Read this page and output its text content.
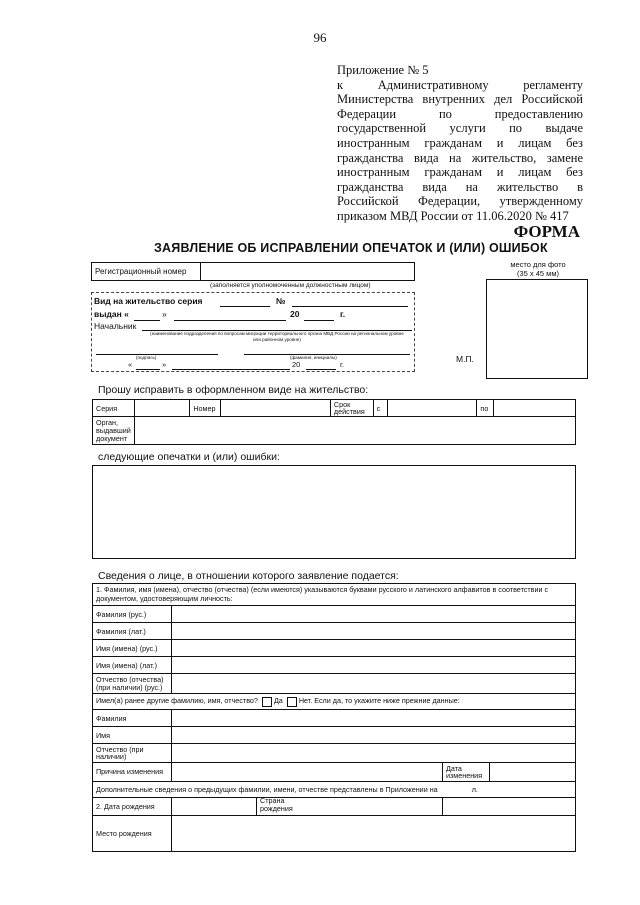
96
Приложение № 5
к Административному регламенту Министерства внутренних дел Российской Федерации по предоставлению государственной услуги по выдаче иностранным гражданам и лицам без гражданства вида на жительство, замене иностранным гражданам и лицам без гражданства вида на жительство в Российской Федерации, утвержденному приказом МВД России от 11.06.2020 № 417
ФОРМА
ЗАЯВЛЕНИЕ ОБ ИСПРАВЛЕНИИ ОПЕЧАТОК И (ИЛИ) ОШИБОК
Регистрационный номер
(заполняется уполномоченным должностным лицом)
место для фото
(35 х 45 мм)
Вид на жительство серия	№
выдан «	»	20	г.
Начальник
(наименование подразделения по вопросам миграции территориального органа МВД России на региональном уровне или районном уровне)
(подпись)	(фамилия, инициалы)
«	»	20	г.
М.П.
Прошу исправить в оформленном виде на жительство:
Серия		Номер		Срок действия	с		по	
Орган, выдавший документ								
следующие опечатки и (или) ошибки:
Сведения о лице, в отношении которого заявление подается:
1. Фамилия, имя (имена), отчество (отчества) (если имеются) указываются буквами русского и латинского алфавитов в соответствии с документом, удостоверяющим личность:			
Фамилия (рус.)			
Фамилия (лат.)			
Имя (имена) (рус.)			
Имя (имена) (лат.)			
Отчество (отчества) (при наличии) (рус.)			
Имел(а) ранее другие фамилию, имя, отчество? Да Нет. Если да, то укажите ниже прежние данные:			
Фамилия			
Имя			
Отчество (при наличии)			
Причина изменения		Дата изменения	
Дополнительные сведения о предыдущих фамилии, имени, отчестве представлены в Приложении на л.			
2. Дата рождения	Страна рождения		

Место рождения			
